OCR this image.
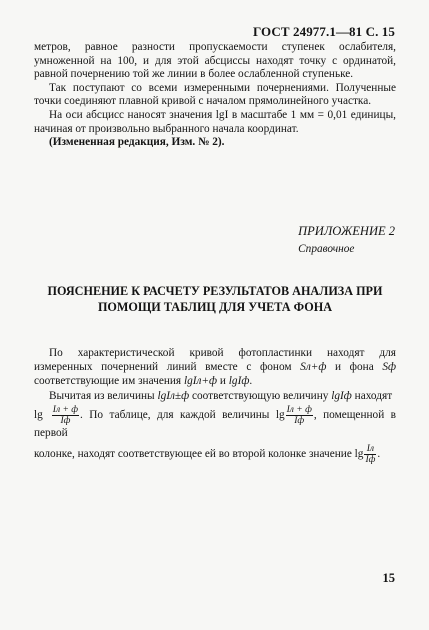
ГОСТ 24977.1—81 С. 15

метров, равное разности пропускаемости ступенек ослабителя, умноженной на 100, и для этой абсциссы находят точку с ординатой, равной почернению той же линии в более ослабленной ступеньке.

Так поступают со всеми измеренными почернениями. Полученные точки соединяют плавной кривой с началом прямолинейного участка.

На оси абсцисс наносят значения lgI в масштабе 1 мм = 0,01 единицы, начиная от произвольно выбранного начала координат.

(Измененная редакция, Изм. № 2).

ПРИЛОЖЕНИЕ 2
Справочное
ПОЯСНЕНИЕ К РАСЧЕТУ РЕЗУЛЬТАТОВ АНАЛИЗА ПРИ ПОМОЩИ ТАБЛИЦ ДЛЯ УЧЕТА ФОНА

По характеристической кривой фотопластинки находят для измеренных почернений линий вместе с фоном Sл+ф и фона Sф соответствующие им значения lgIл+ф и lgIф.

Вычитая из величины lgIл±ф соответствующую величину lgIф находят

$\lg \frac{Iл + ф}{Iф}$ . По таблице, для каждой величины $\lg \frac{Iл + ф}{Iф}$ , помещенной в первой

колонке, находят соответствующее ей во второй колонке значение $\lg \frac{Iл}{Iф}$ .

15
